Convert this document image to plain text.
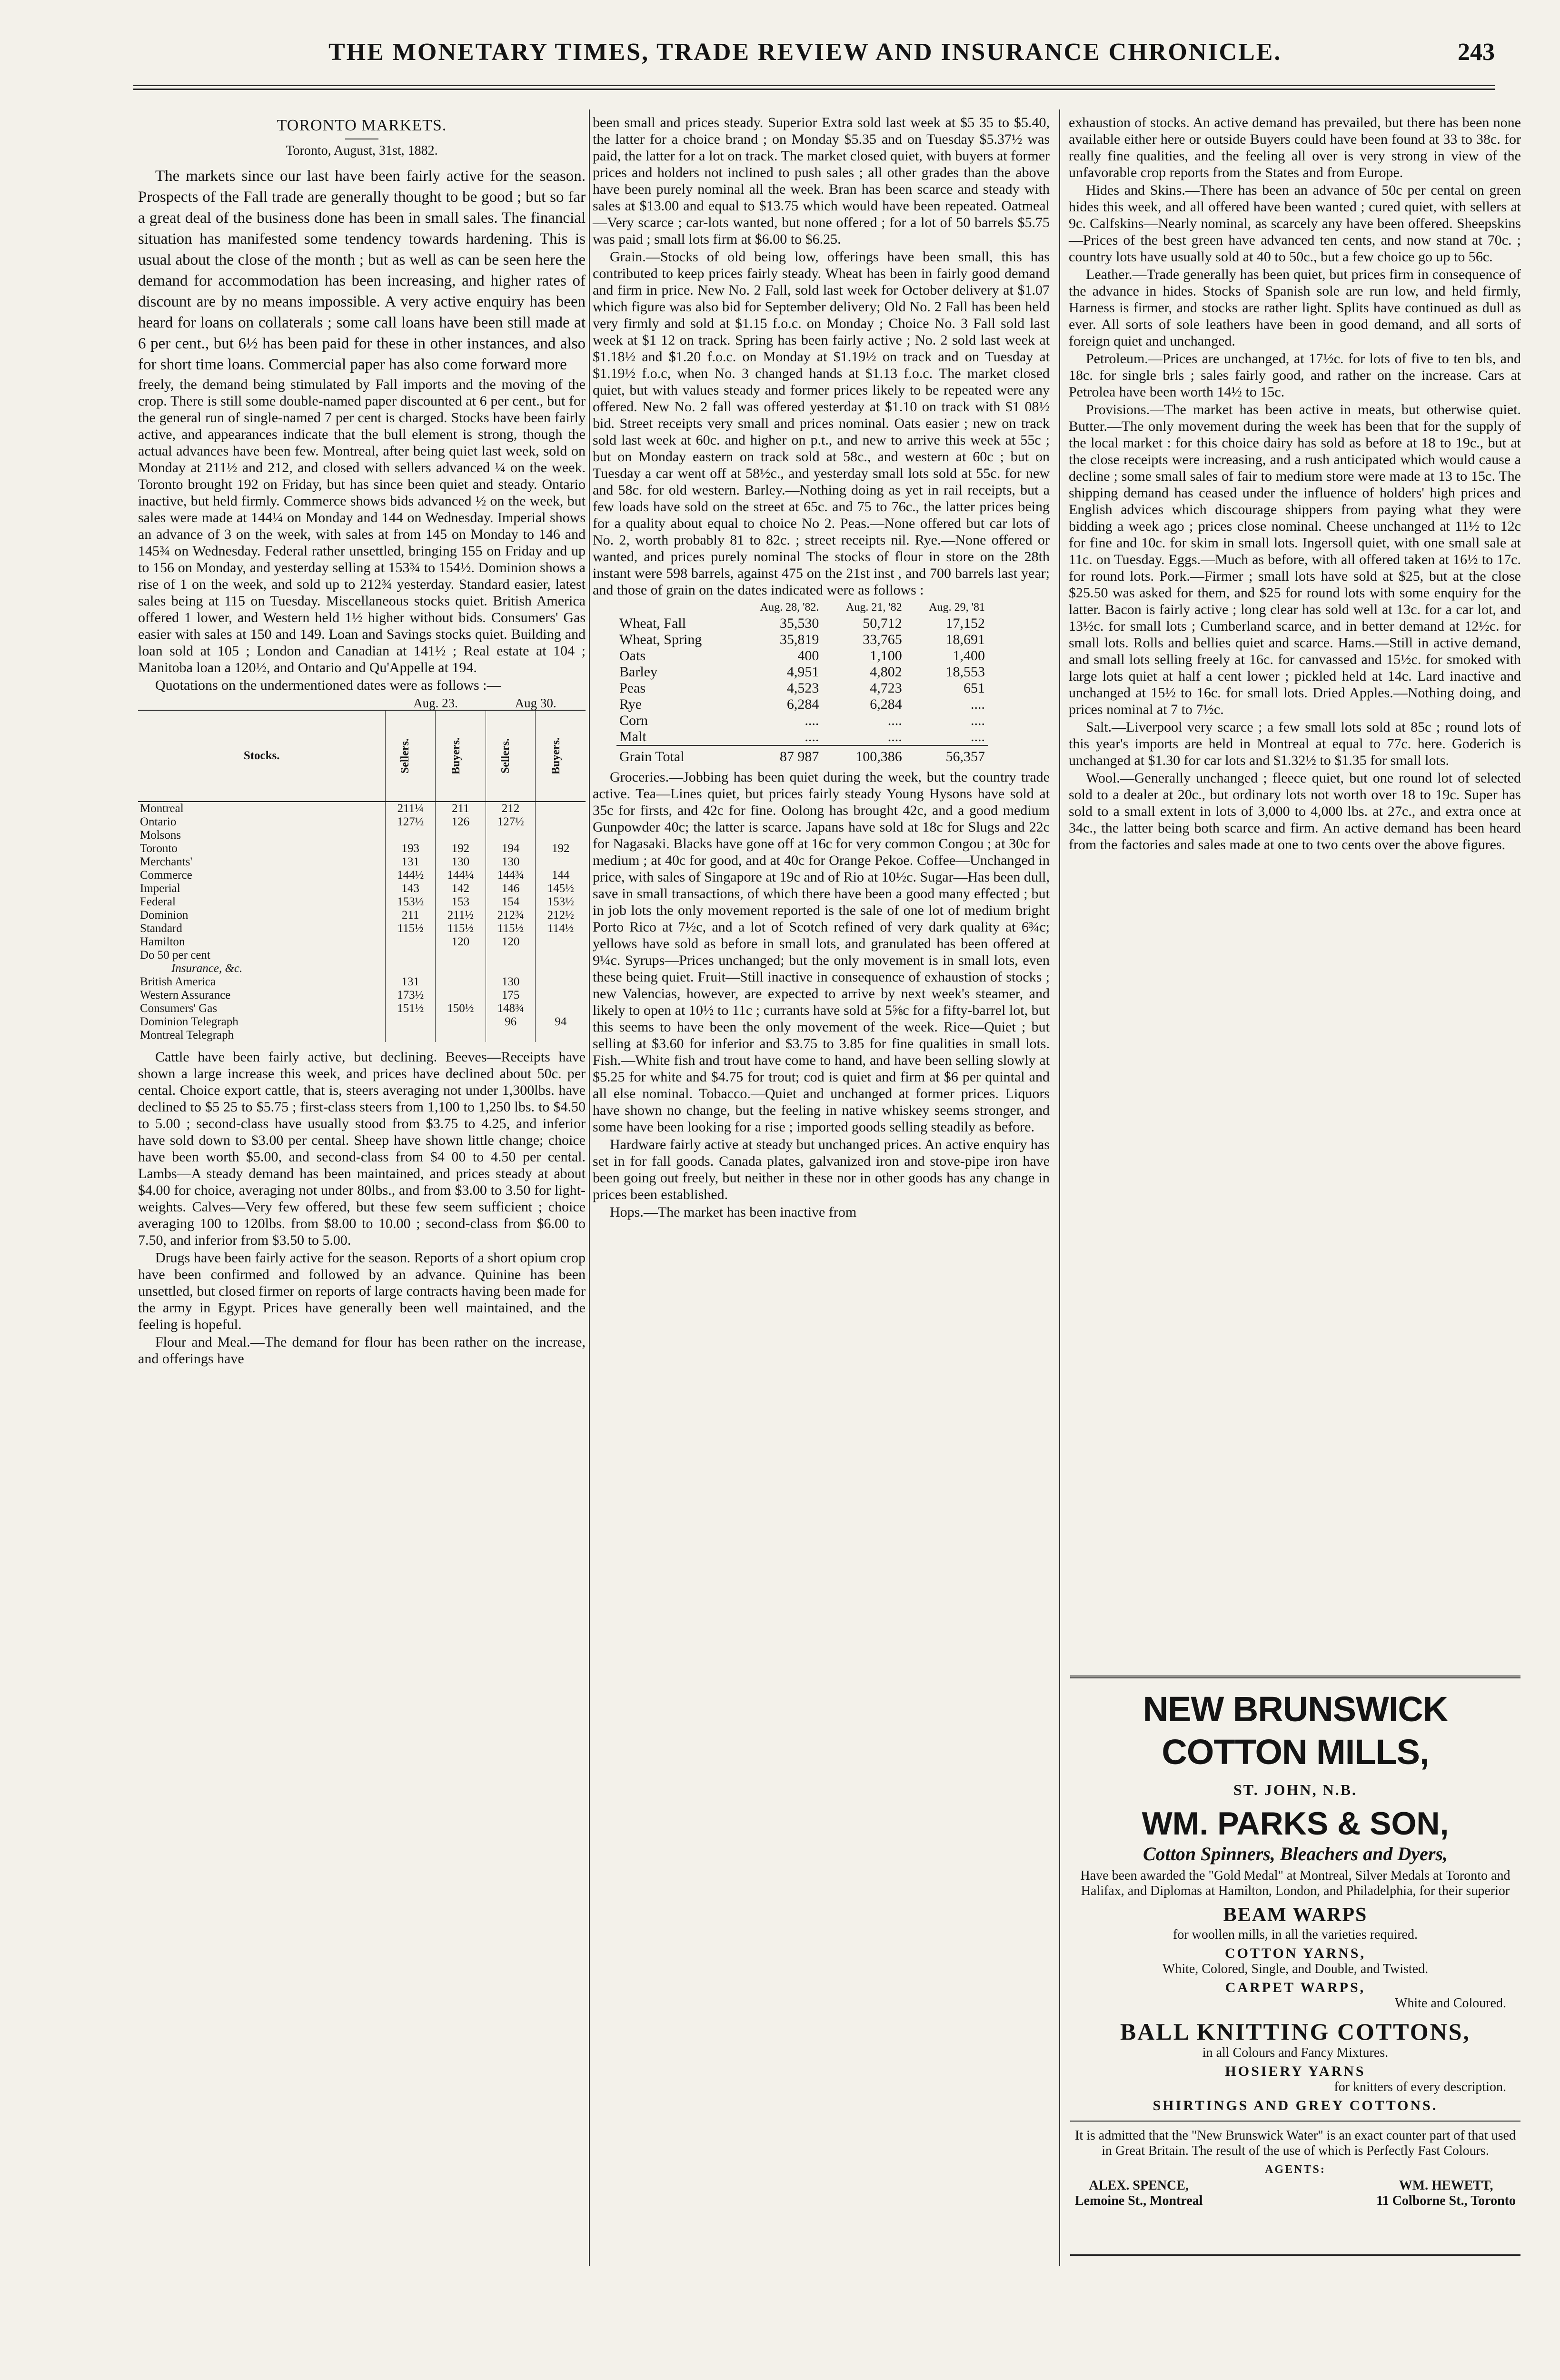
THE MONETARY TIMES, TRADE REVIEW AND INSURANCE CHRONICLE.	243
TORONTO MARKETS.
Toronto, August, 31st, 1882.

The markets since our last have been fairly active for the season. Prospects of the Fall trade are generally thought to be good ; but so far a great deal of the business done has been in small sales. The financial situation has manifested some tendency towards hardening. This is usual about the close of the month ; but as well as can be seen here the demand for accommodation has been increasing, and higher rates of discount are by no means impossible. A very active enquiry has been heard for loans on collaterals ; some call loans have been still made at 6 per cent., but 6½ has been paid for these in other instances, and also for short time loans. Commercial paper has also come forward more

freely, the demand being stimulated by Fall imports and the moving of the crop. There is still some double-named paper discounted at 6 per cent., but for the general run of single-named 7 per cent is charged. Stocks have been fairly active, and appearances indicate that the bull element is strong, though the actual advances have been few. Montreal, after being quiet last week, sold on Monday at 211½ and 212, and closed with sellers advanced ¼ on the week. Toronto brought 192 on Friday, but has since been quiet and steady. Ontario inactive, but held firmly. Commerce shows bids advanced ½ on the week, but sales were made at 144¼ on Monday and 144 on Wednesday. Imperial shows an advance of 3 on the week, with sales at from 145 on Monday to 146 and 145¾ on Wednesday. Federal rather unsettled, bringing 155 on Friday and up to 156 on Monday, and yesterday selling at 153¾ to 154½. Dominion shows a rise of 1 on the week, and sold up to 212¾ yesterday. Standard easier, latest sales being at 115 on Tuesday. Miscellaneous stocks quiet. British America offered 1 lower, and Western held 1½ higher without bids. Consumers' Gas easier with sales at 150 and 149. Loan and Savings stocks quiet. Building and loan sold at 105 ; London and Canadian at 141½ ; Real estate at 104 ; Manitoba loan a 120½, and Ontario and Qu'Appelle at 194.

Quotations on the undermentioned dates were as follows :—

	Aug. 23.		Aug 30.	
Stocks.	Sellers.	Buyers.	Sellers.	Buyers.
Montreal	211¼	211	212	
Ontario	127½	126	127½	
Molsons				
Toronto	193	192	194	192
Merchants'	131	130	130	
Commerce	144½	144¼	144¾	144
Imperial	143	142	146	145½
Federal	153½	153	154	153½
Dominion	211	211½	212¾	212½
Standard	115½	115½	115½	114½
Hamilton		120	120	
Do 50 per cent				
Insurance, &c.				
British America	131		130	
Western Assurance	173½		175	
Consumers' Gas	151½	150½	148¾	
Dominion Telegraph			96	94
Montreal Telegraph				

Cattle have been fairly active, but declining. Beeves—Receipts have shown a large increase this week, and prices have declined about 50c. per cental. Choice export cattle, that is, steers averaging not under 1,300lbs. have declined to $5 25 to $5.75 ; first-class steers from 1,100 to 1,250 lbs. to $4.50 to 5.00 ; second-class have usually stood from $3.75 to 4.25, and inferior have sold down to $3.00 per cental. Sheep have shown little change; choice have been worth $5.00, and second-class from $4 00 to 4.50 per cental. Lambs—A steady demand has been maintained, and prices steady at about $4.00 for choice, averaging not under 80lbs., and from $3.00 to 3.50 for light-weights. Calves—Very few offered, but these few seem sufficient ; choice averaging 100 to 120lbs. from $8.00 to 10.00 ; second-class from $6.00 to 7.50, and inferior from $3.50 to 5.00.

Drugs have been fairly active for the season. Reports of a short opium crop have been confirmed and followed by an advance. Quinine has been unsettled, but closed firmer on reports of large contracts having been made for the army in Egypt. Prices have generally been well maintained, and the feeling is hopeful.

Flour and Meal.—The demand for flour has been rather on the increase, and offerings have

been small and prices steady. Superior Extra sold last week at $5 35 to $5.40, the latter for a choice brand ; on Monday $5.35 and on Tuesday $5.37½ was paid, the latter for a lot on track. The market closed quiet, with buyers at former prices and holders not inclined to push sales ; all other grades than the above have been purely nominal all the week. Bran has been scarce and steady with sales at $13.00 and equal to $13.75 which would have been repeated. Oatmeal—Very scarce ; car-lots wanted, but none offered ; for a lot of 50 barrels $5.75 was paid ; small lots firm at $6.00 to $6.25.

Grain.—Stocks of old being low, offerings have been small, this has contributed to keep prices fairly steady. Wheat has been in fairly good demand and firm in price. New No. 2 Fall, sold last week for October delivery at $1.07 which figure was also bid for September delivery; Old No. 2 Fall has been held very firmly and sold at $1.15 f.o.c. on Monday ; Choice No. 3 Fall sold last week at $1 12 on track. Spring has been fairly active ; No. 2 sold last week at $1.18½ and $1.20 f.o.c. on Monday at $1.19½ on track and on Tuesday at $1.19½ f.o.c, when No. 3 changed hands at $1.13 f.o.c. The market closed quiet, but with values steady and former prices likely to be repeated were any offered. New No. 2 fall was offered yesterday at $1.10 on track with $1 08½ bid. Street receipts very small and prices nominal. Oats easier ; new on track sold last week at 60c. and higher on p.t., and new to arrive this week at 55c ; but on Monday eastern on track sold at 58c., and western at 60c ; but on Tuesday a car went off at 58½c., and yesterday small lots sold at 55c. for new and 58c. for old western. Barley.—Nothing doing as yet in rail receipts, but a few loads have sold on the street at 65c. and 75 to 76c., the latter prices being for a quality about equal to choice No 2. Peas.—None offered but car lots of No. 2, worth probably 81 to 82c. ; street receipts nil. Rye.—None offered or wanted, and prices purely nominal The stocks of flour in store on the 28th instant were 598 barrels, against 475 on the 21st inst , and 700 barrels last year; and those of grain on the dates indicated were as follows :

	Aug. 28, '82.	Aug. 21, '82	Aug. 29, '81
Wheat, Fall	35,530	50,712	17,152
Wheat, Spring	35,819	33,765	18,691
Oats	400	1,100	1,400
Barley	4,951	4,802	18,553
Peas	4,523	4,723	651
Rye	6,284	6,284	....
Corn	....	....	....
Malt	....	....	....
Grain Total	87 987	100,386	56,357

Groceries.—Jobbing has been quiet during the week, but the country trade active. Tea—Lines quiet, but prices fairly steady Young Hysons have sold at 35c for firsts, and 42c for fine. Oolong has brought 42c, and a good medium Gunpowder 40c; the latter is scarce. Japans have sold at 18c for Slugs and 22c for Nagasaki. Blacks have gone off at 16c for very common Congou ; at 30c for medium ; at 40c for good, and at 40c for Orange Pekoe. Coffee—Unchanged in price, with sales of Singapore at 19c and of Rio at 10½c. Sugar—Has been dull, save in small transactions, of which there have been a good many effected ; but in job lots the only movement reported is the sale of one lot of medium bright Porto Rico at 7½c, and a lot of Scotch refined of very dark quality at 6¾c; yellows have sold as before in small lots, and granulated has been offered at 9¼c. Syrups—Prices unchanged; but the only movement is in small lots, even these being quiet. Fruit—Still inactive in consequence of exhaustion of stocks ; new Valencias, however, are expected to arrive by next week's steamer, and likely to open at 10½ to 11c ; currants have sold at 5⅝c for a fifty-barrel lot, but this seems to have been the only movement of the week. Rice—Quiet ; but selling at $3.60 for inferior and $3.75 to 3.85 for fine qualities in small lots. Fish.—White fish and trout have come to hand, and have been selling slowly at $5.25 for white and $4.75 for trout; cod is quiet and firm at $6 per quintal and all else nominal. Tobacco.—Quiet and unchanged at former prices. Liquors have shown no change, but the feeling in native whiskey seems stronger, and some have been looking for a rise ; imported goods selling steadily as before.

Hardware fairly active at steady but unchanged prices. An active enquiry has set in for fall goods. Canada plates, galvanized iron and stove-pipe iron have been going out freely, but neither in these nor in other goods has any change in prices been established.

Hops.—The market has been inactive from

exhaustion of stocks. An active demand has prevailed, but there has been none available either here or outside Buyers could have been found at 33 to 38c. for really fine qualities, and the feeling all over is very strong in view of the unfavorable crop reports from the States and from Europe.

Hides and Skins.—There has been an advance of 50c per cental on green hides this week, and all offered have been wanted ; cured quiet, with sellers at 9c. Calfskins—Nearly nominal, as scarcely any have been offered. Sheepskins—Prices of the best green have advanced ten cents, and now stand at 70c. ; country lots have usually sold at 40 to 50c., but a few choice go up to 56c.

Leather.—Trade generally has been quiet, but prices firm in consequence of the advance in hides. Stocks of Spanish sole are run low, and held firmly, Harness is firmer, and stocks are rather light. Splits have continued as dull as ever. All sorts of sole leathers have been in good demand, and all sorts of foreign quiet and unchanged.

Petroleum.—Prices are unchanged, at 17½c. for lots of five to ten bls, and 18c. for single brls ; sales fairly good, and rather on the increase. Cars at Petrolea have been worth 14½ to 15c.

Provisions.—The market has been active in meats, but otherwise quiet. Butter.—The only movement during the week has been that for the supply of the local market : for this choice dairy has sold as before at 18 to 19c., but at the close receipts were increasing, and a rush anticipated which would cause a decline ; some small sales of fair to medium store were made at 13 to 15c. The shipping demand has ceased under the influence of holders' high prices and English advices which discourage shippers from paying what they were bidding a week ago ; prices close nominal. Cheese unchanged at 11½ to 12c for fine and 10c. for skim in small lots. Ingersoll quiet, with one small sale at 11c. on Tuesday. Eggs.—Much as before, with all offered taken at 16½ to 17c. for round lots. Pork.—Firmer ; small lots have sold at $25, but at the close $25.50 was asked for them, and $25 for round lots with some enquiry for the latter. Bacon is fairly active ; long clear has sold well at 13c. for a car lot, and 13½c. for small lots ; Cumberland scarce, and in better demand at 12½c. for small lots. Rolls and bellies quiet and scarce. Hams.—Still in active demand, and small lots selling freely at 16c. for canvassed and 15½c. for smoked with large lots quiet at half a cent lower ; pickled held at 14c. Lard inactive and unchanged at 15½ to 16c. for small lots. Dried Apples.—Nothing doing, and prices nominal at 7 to 7½c.

Salt.—Liverpool very scarce ; a few small lots sold at 85c ; round lots of this year's imports are held in Montreal at equal to 77c. here. Goderich is unchanged at $1.30 for car lots and $1.32½ to $1.35 for small lots.

Wool.—Generally unchanged ; fleece quiet, but one round lot of selected sold to a dealer at 20c., but ordinary lots not worth over 18 to 19c. Super has sold to a small extent in lots of 3,000 to 4,000 lbs. at 27c., and extra once at 34c., the latter being both scarce and firm. An active demand has been heard from the factories and sales made at one to two cents over the above figures.

NEW BRUNSWICK COTTON MILLS,
ST. JOHN, N.B.
WM. PARKS & SON,
Cotton Spinners, Bleachers and Dyers,
Have been awarded the "Gold Medal" at Montreal, Silver Medals at Toronto and Halifax, and Diplomas at Hamilton, London, and Philadelphia, for their superior
BEAM WARPS
for woollen mills, in all the varieties required.
COTTON YARNS,
White, Colored, Single, and Double, and Twisted.
CARPET WARPS,
White and Coloured.
BALL KNITTING COTTONS,
in all Colours and Fancy Mixtures.
HOSIERY YARNS
for knitters of every description.
SHIRTINGS AND GREY COTTONS.
It is admitted that the "New Brunswick Water" is an exact counter part of that used in Great Britain. The result of the use of which is Perfectly Fast Colours.
AGENTS:
ALEX. SPENCE,
Lemoine St., Montreal
WM. HEWETT,
11 Colborne St., Toronto
